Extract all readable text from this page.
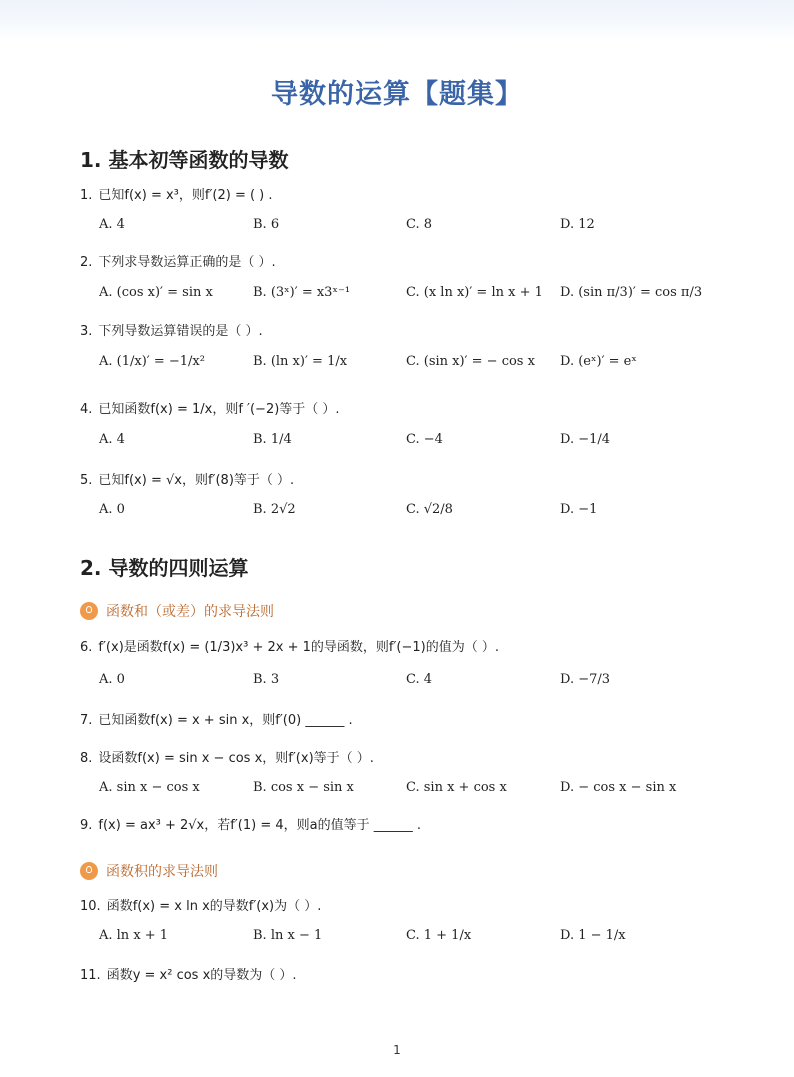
导数的运算【题集】
1. 基本初等函数的导数
1. 已知f(x) = x³，则f′(2) = ( ) .
A. 4	B. 6	C. 8	D. 12
2. 下列求导数运算正确的是（ ）.
A. (cos x)′ = sin x	B. (3ˣ)′ = x3ˣ⁻¹	C. (x ln x)′ = ln x + 1 D. (sin π/3)′ = cos π/3
3. 下列导数运算错误的是（ ）.
A. (1/x)′ = −1/x²	B. (ln x)′ = 1/x	C. (sin x)′ = − cos x D. (eˣ)′ = eˣ
4. 已知函数f(x) = 1/x，则f ′(−2)等于（ ）.
A. 4	B. 1/4	C. −4	D. −1/4
5. 已知f(x) = √x，则f′(8)等于（ ）.
A. 0	B. 2√2	C. √2/8	D. −1
2. 导数的四则运算
函数和（或差）的求导法则
6. f′(x)是函数f(x) = (1/3)x³ + 2x + 1的导函数，则f′(−1)的值为（ ）.
A. 0	B. 3	C. 4	D. −7/3
7. 已知函数f(x) = x + sin x，则f′(0) ______ .
8. 设函数f(x) = sin x − cos x，则f′(x)等于（ ）.
A. sin x − cos x	B. cos x − sin x	C. sin x + cos x	D. − cos x − sin x
9. f(x) = ax³ + 2√x，若f′(1) = 4，则a的值等于 ______ .
函数积的求导法则
10. 函数f(x) = x ln x的导数f′(x)为（ ）.
A. ln x + 1	B. ln x − 1	C. 1 + 1/x	D. 1 − 1/x
11. 函数y = x² cos x的导数为（ ）.
1
